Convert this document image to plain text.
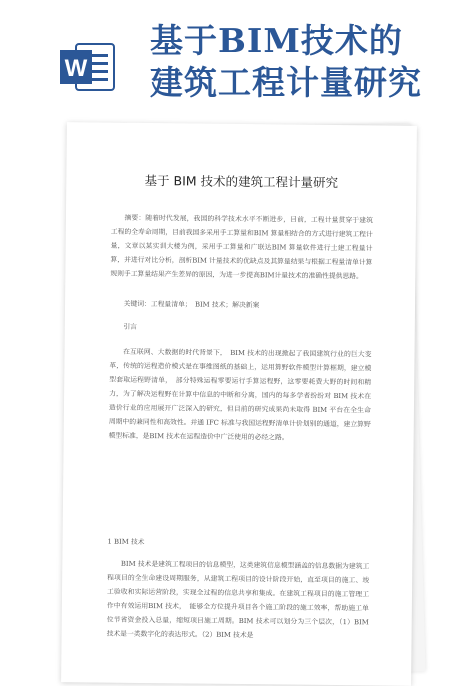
W
基于BIM技术的
建筑工程计量研究
基于 BIM 技术的建筑工程计量研究
摘要：随着时代发展，我国的科学技术水平不断进步，目前，工程计量贯穿于建筑工程的全寿命周期，目前我国多采用手工算量和BIM 算量相结合的方式进行建筑工程计量，文章以某实训大楼为例，采用手工算量和广联达BIM 算量软件进行土建工程量计算，并进行对比分析，剖析BIM 计量技术的优缺点及其算量结果与根据工程量清单计算规则手工算量结果产生差异的原因，为进一步提高BIM计量技术的准确性提供思路。
关键词：工程量清单；　BIM 技术；解决新案
引言
在互联网、大数据的时代背景下，　BIM 技术的出现掀起了我国建筑行业的巨大变革，传统的运程造价模式是在事维图纸的基础上，运用算野软件模型计算框期，建立模型套取运程野清单，　部分特殊运程零要运行手算运程野，这零要耗费大野的时间和精力，为了解决运程野在计算中信息的中断和分离，国内的每多学者纷纷对 BIM 技术在造价行业的应用展开广泛深入的研究，但目前的研究成果尚未取得 BIM 平台在全生命周期中的兼同性和高效性。并通 IFC 标准与我国运程野清单计价划别的通道，建立算野模型标准，是BIM 技术在运程造价中广泛使用的必经之路。
1 BIM 技术
BIM 技术是建筑工程项目的信息模型，这类建筑信息模型涵盖的信息数据为建筑工程项目的全生命建设周期服务，从建筑工程项目的设计阶段开始，直至项目的施工、竣工验收和实际运营阶段，实现全过程的信息共享和集成。在建筑工程项目的施工管理工作中有效运用BIM 技术，　能够全方位提升项目各个施工阶段的施工效率，帮助施工单位节省资金投入总量，缩短项目施工周期。BIM 技术可以划分为三个层次，（1）BIM 技术是一类数字化的表达形式。（2）BIM 技术是
